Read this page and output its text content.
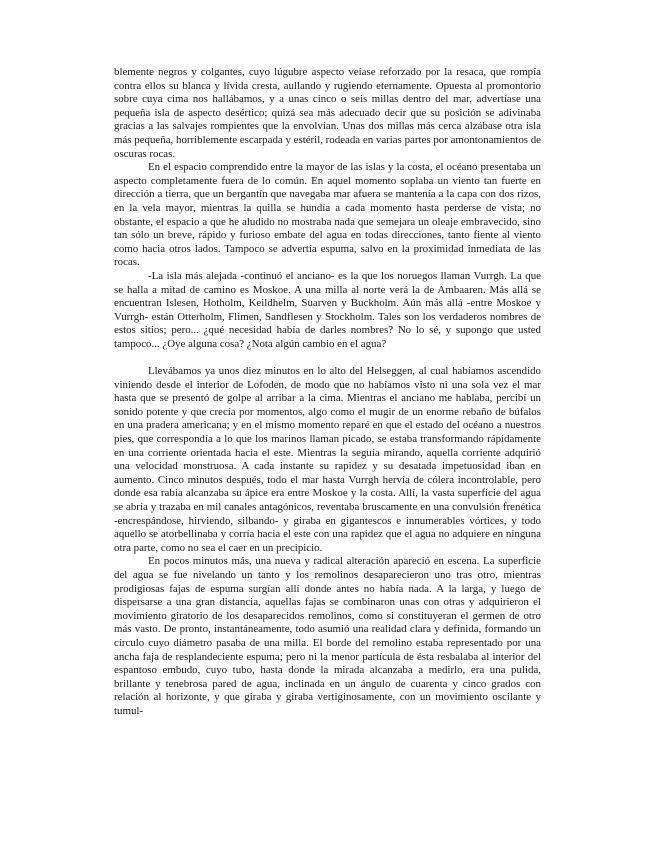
blemente negros y colgantes, cuyo lúgubre aspecto veíase reforzado por la resaca, que rompía contra ellos su blanca y lívida cresta, aullando y rugiendo eternamente. Opuesta al promontorio sobre cuya cima nos hallábamos, y a unas cinco o seis millas dentro del mar, advertíase una pequeña isla de aspecto desértico; quizá sea más adecuado decir que su posición se adivinaba gracias a las salvajes rompientes que la envolvían. Unas dos millas más cerca alzábase otra isla más pequeña, horriblemente escarpada y estéril, rodeada en varias partes por amontonamientos de oscuras rocas.

En el espacio comprendido entre la mayor de las islas y la costa, el océano presentaba un aspecto completamente fuera de lo común. En aquel momento soplaba un viento tan fuerte en dirección a tierra, que un bergantín que navegaba mar afuera se mantenía a la capa con dos rizos, en la vela mayor, mientras la quilla se hundía a cada momento hasta perderse de vista; no obstante, el espacio a que he aludido no mostraba nada que semejara un oleaje embravecido, sino tan sólo un breve, rápido y furioso embate del agua en todas direcciones, tanto fiente al viento como hacia otros lados. Tampoco se advertía espuma, salvo en la proximidad inmediata de las rocas.

-La isla más alejada -continuó el anciano- es la que los noruegos llaman Vurrgh. La que se halla a mitad de camino es Moskoe. A una milla al norte verá la de Ambaaren. Más allá se encuentran Islesen, Hotholm, Keildhelm, Suarven y Buckholm. Aún más allá -entre Moskoe y Vurrgh- están Otterholm, Flimen, Sandflesen y Stockholm. Tales son los verdaderos nombres de estos sitios; pero... ¿qué necesidad había de darles nombres? No lo sé, y supongo que usted tampoco... ¿Oye alguna cosa? ¿Nota algún cambio en el agua?

Llevábamos ya unos diez minutos en lo alto del Helseggen, al cual habíamos ascendido viniendo desde el interior de Lofoden, de modo que no habíamos visto ni una sola vez el mar hasta que se presentó de golpe al arribar a la cima. Mientras el anciano me hablaba, percibí un sonido potente y que crecía por momentos, algo como el mugir de un enorme rebaño de búfalos en una pradera americana; y en el mismo momento reparé en que el estado del océano a nuestros pies, que correspondía a lo que los marinos llaman picado, se estaba transformando rápidamente en una corriente orientada hacia el este. Mientras la seguía mirando, aquella corriente adquirió una velocidad monstruosa. A cada instante su rapidez y su desatada impetuosidad iban en aumento. Cinco minutos después, todo el mar hasta Vurrgh hervía de cólera incontrolable, pero donde esa rabia alcanzaba su ápice era entre Moskoe y la costa. Allí, la vasta superficie del agua se abría y trazaba en mil canales antagónicos, reventaba bruscamente en una convulsión frenética -encrespándose, hirviendo, silbando- y giraba en gigantescos e innumerables vórtices, y todo aquello se atorbellinaba y corría hacia el este con una rapidez que el agua no adquiere en ninguna otra parte, como no sea el caer en un precipicio.

En pocos minutos más, una nueva y radical alteración apareció en escena. La superficie del agua se fue nivelando un tanto y los remolinos desaparecieron uno tras otro, mientras prodigiosas fajas de espuma surgían allí donde antes no había nada. A la larga, y luego de dispersarse a una gran distancia, aquellas fajas se combinaron unas con otras y adquirieron el movimiento giratorio de los desaparecidos remolinos, como si constituyeran el germen de otro más vasto. De pronto, instantáneamente, todo asumió una realidad clara y definida, formando un círculo cuyo diámetro pasaba de una milla. El borde del remolino estaba representado por una ancha faja de resplandeciente espuma; pero ni la menor partícula de ésta resbalaba al interior del espantoso embudo, cuyo tubo, hasta donde la mirada alcanzaba a medirlo, era una pulida, brillante y tenebrosa pared de agua, inclinada en un ángulo de cuarenta y cinco grados con relación al horizonte, y que giraba y giraba vertiginosamente, con un movimiento oscilante y tumul-
